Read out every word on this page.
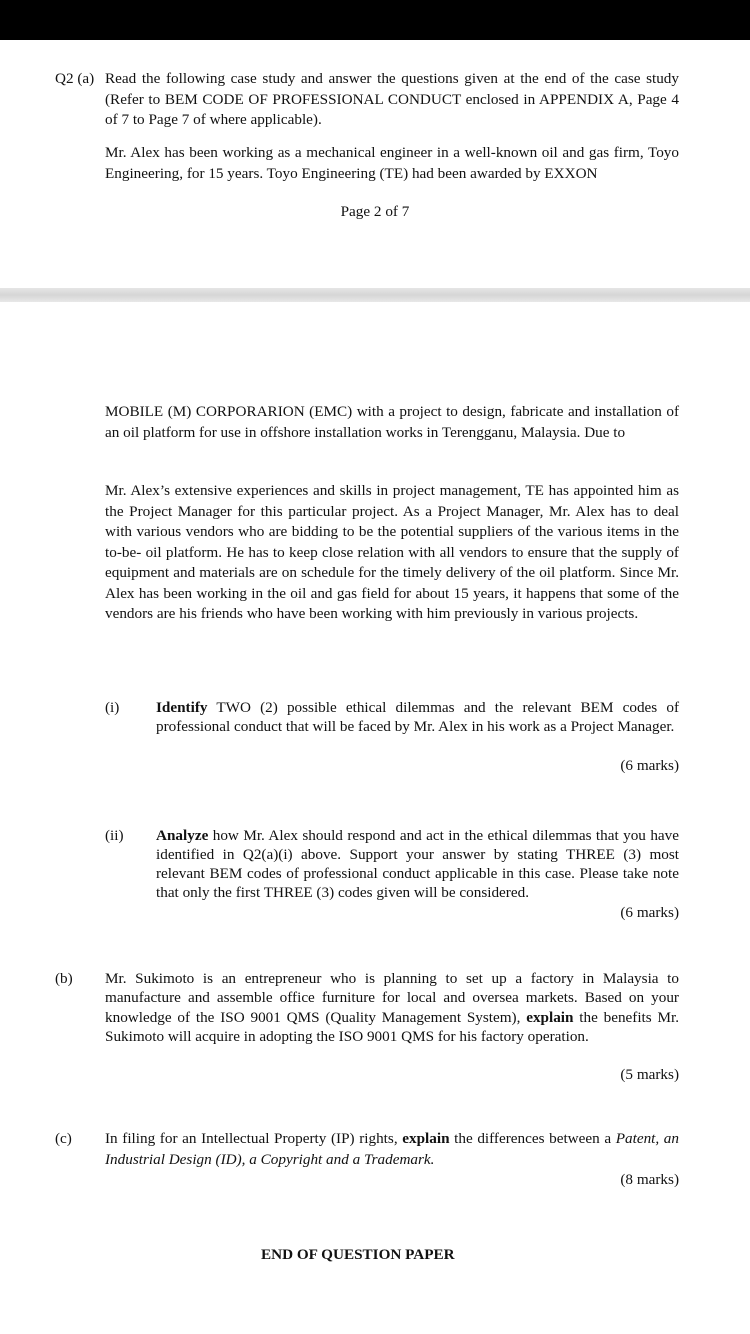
Q2 (a) Read the following case study and answer the questions given at the end of the case study (Refer to BEM CODE OF PROFESSIONAL CONDUCT enclosed in APPENDIX A, Page 4 of 7 to Page 7 of where applicable).
Mr. Alex has been working as a mechanical engineer in a well-known oil and gas firm, Toyo Engineering, for 15 years. Toyo Engineering (TE) had been awarded by EXXON
Page 2 of 7
MOBILE (M) CORPORARION (EMC) with a project to design, fabricate and installation of an oil platform for use in offshore installation works in Terengganu, Malaysia. Due to
Mr. Alex’s extensive experiences and skills in project management, TE has appointed him as the Project Manager for this particular project. As a Project Manager, Mr. Alex has to deal with various vendors who are bidding to be the potential suppliers of the various items in the to-be- oil platform. He has to keep close relation with all vendors to ensure that the supply of equipment and materials are on schedule for the timely delivery of the oil platform. Since Mr. Alex has been working in the oil and gas field for about 15 years, it happens that some of the vendors are his friends who have been working with him previously in various projects.
(i) Identify TWO (2) possible ethical dilemmas and the relevant BEM codes of professional conduct that will be faced by Mr. Alex in his work as a Project Manager.
(6 marks)
(ii) Analyze how Mr. Alex should respond and act in the ethical dilemmas that you have identified in Q2(a)(i) above. Support your answer by stating THREE (3) most relevant BEM codes of professional conduct applicable in this case. Please take note that only the first THREE (3) codes given will be considered.
(6 marks)
(b) Mr. Sukimoto is an entrepreneur who is planning to set up a factory in Malaysia to manufacture and assemble office furniture for local and oversea markets. Based on your knowledge of the ISO 9001 QMS (Quality Management System), explain the benefits Mr. Sukimoto will acquire in adopting the ISO 9001 QMS for his factory operation.
(5 marks)
(c) In filing for an Intellectual Property (IP) rights, explain the differences between a Patent, an Industrial Design (ID), a Copyright and a Trademark.
(8 marks)
END OF QUESTION PAPER
